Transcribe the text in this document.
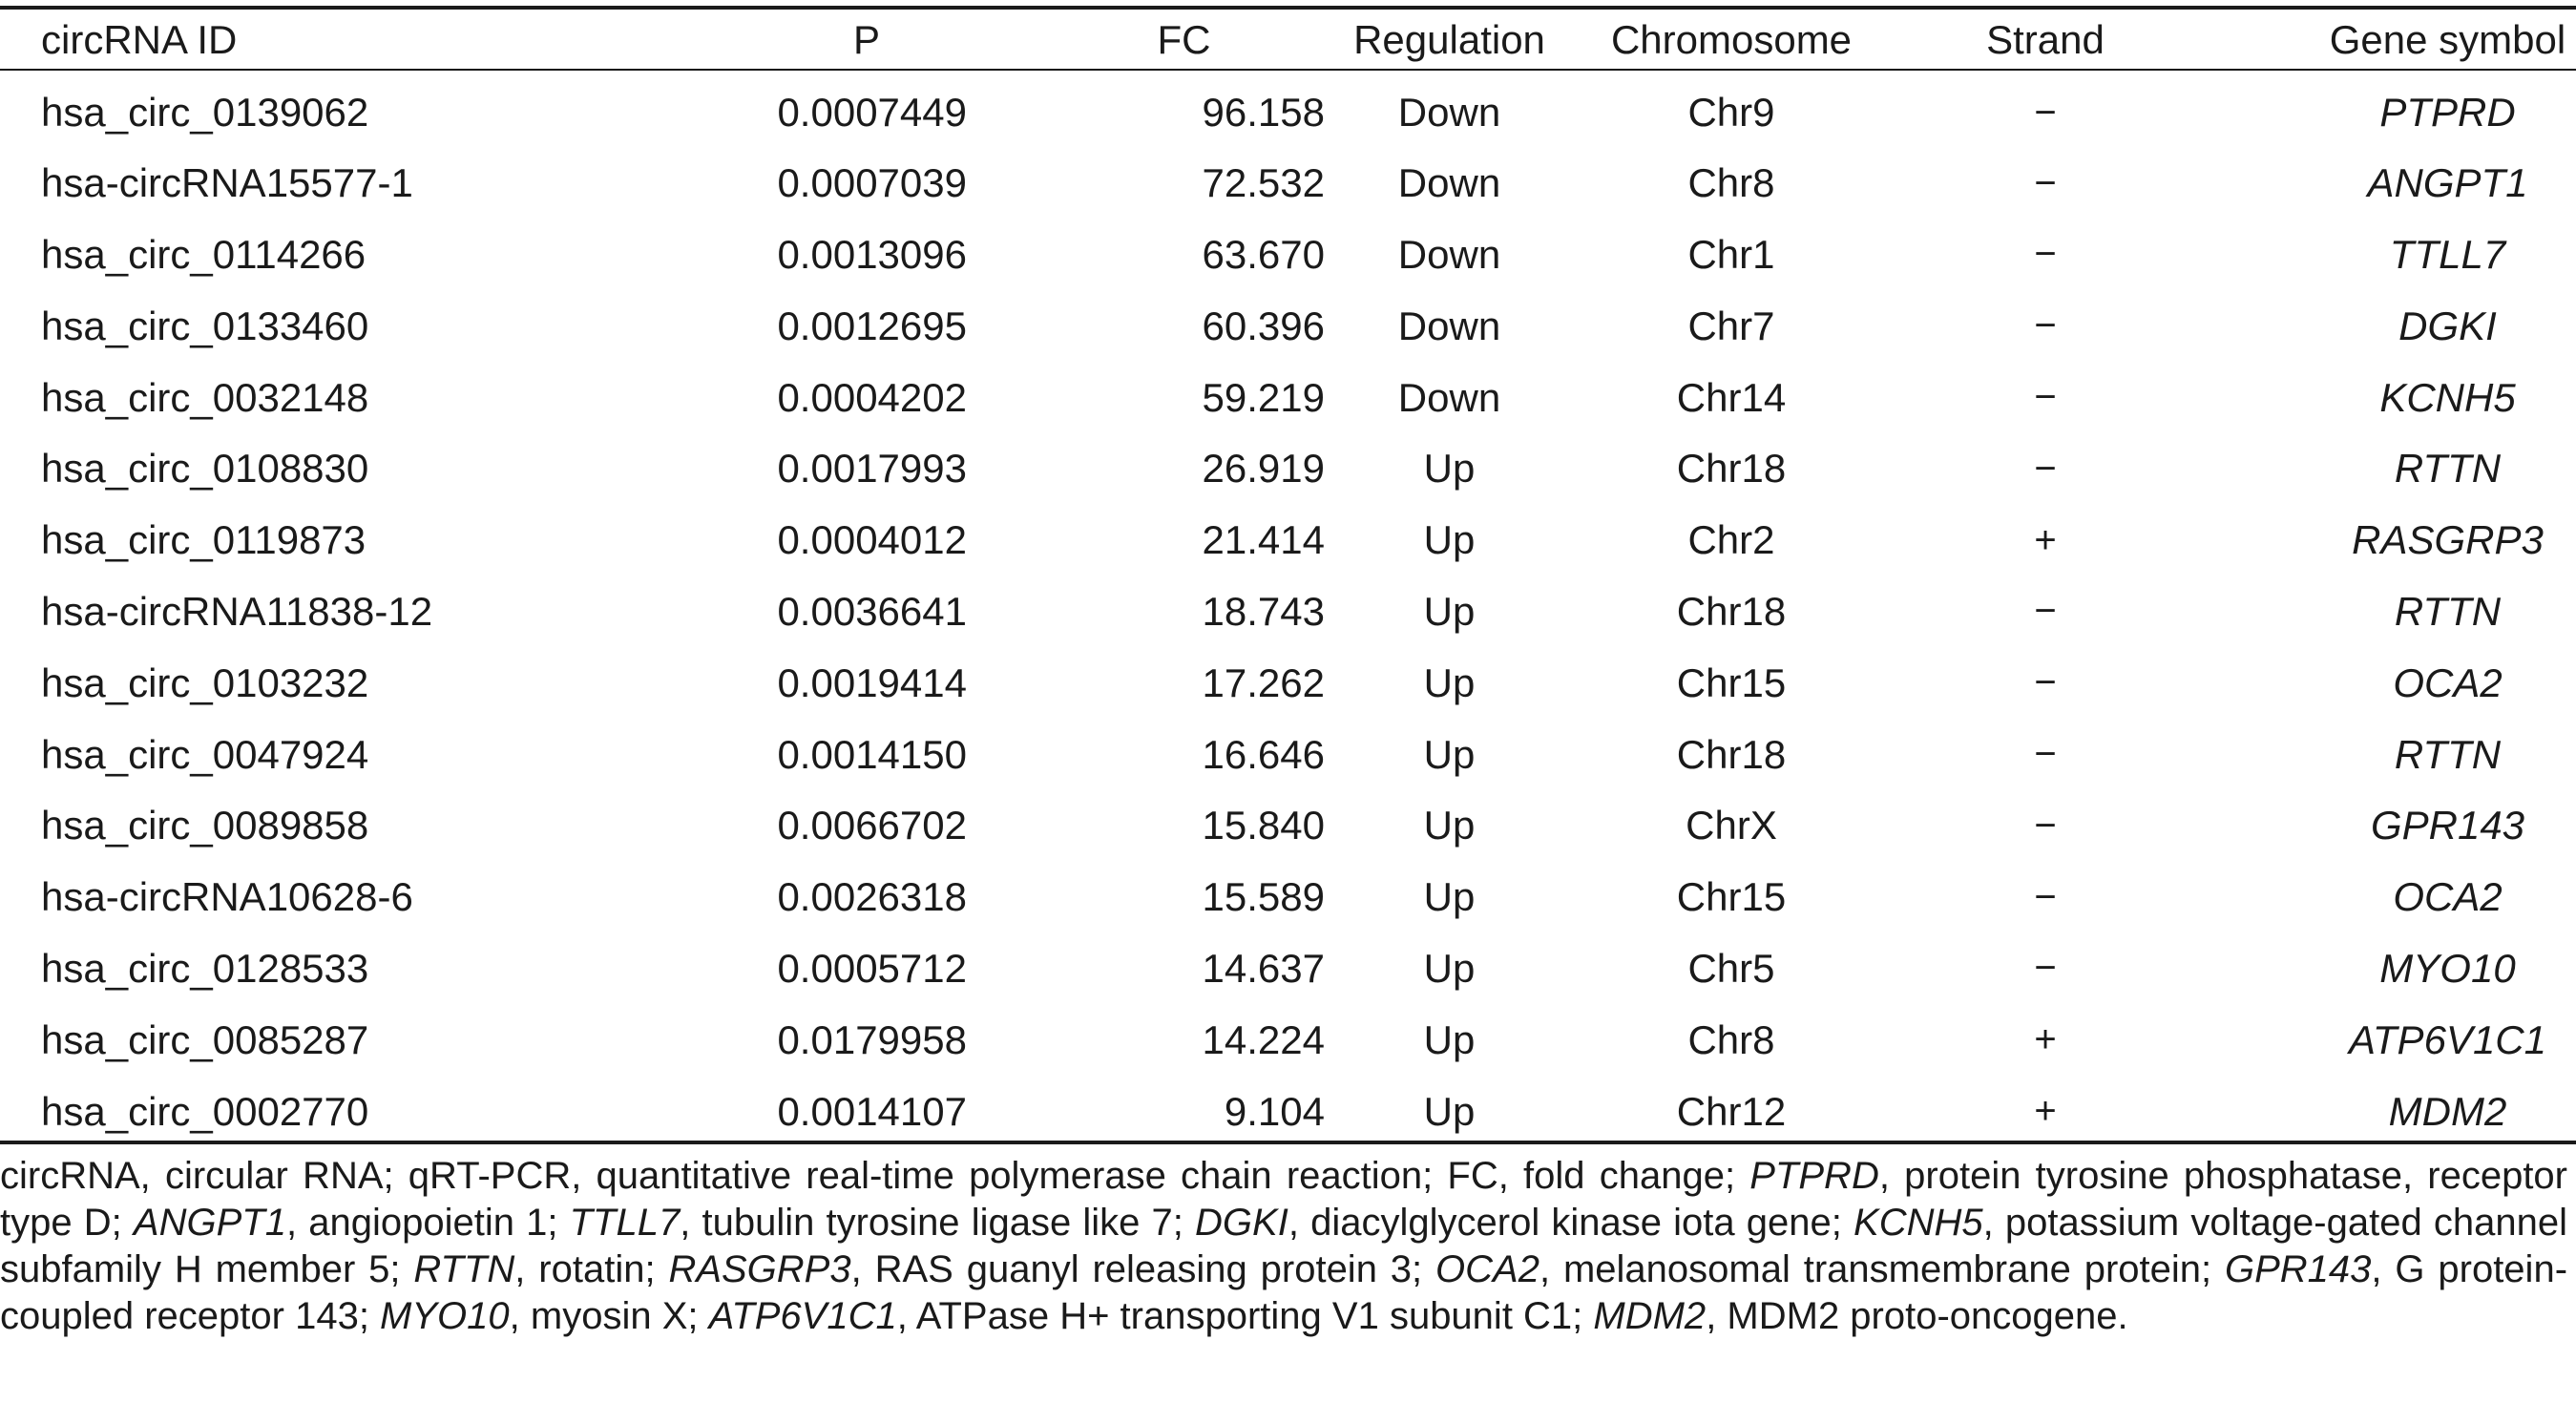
circRNA ID	P	FC	Regulation	Chromosome	Strand	Gene symbol
hsa_circ_0139062	0.0007449	96.158	Down	Chr9	−	PTPRD
hsa-circRNA15577-1	0.0007039	72.532	Down	Chr8	−	ANGPT1
hsa_circ_0114266	0.0013096	63.670	Down	Chr1	−	TTLL7
hsa_circ_0133460	0.0012695	60.396	Down	Chr7	−	DGKI
hsa_circ_0032148	0.0004202	59.219	Down	Chr14	−	KCNH5
hsa_circ_0108830	0.0017993	26.919	Up	Chr18	−	RTTN
hsa_circ_0119873	0.0004012	21.414	Up	Chr2	+	RASGRP3
hsa-circRNA11838-12	0.0036641	18.743	Up	Chr18	−	RTTN
hsa_circ_0103232	0.0019414	17.262	Up	Chr15	−	OCA2
hsa_circ_0047924	0.0014150	16.646	Up	Chr18	−	RTTN
hsa_circ_0089858	0.0066702	15.840	Up	ChrX	−	GPR143
hsa-circRNA10628-6	0.0026318	15.589	Up	Chr15	−	OCA2
hsa_circ_0128533	0.0005712	14.637	Up	Chr5	−	MYO10
hsa_circ_0085287	0.0179958	14.224	Up	Chr8	+	ATP6V1C1
hsa_circ_0002770	0.0014107	9.104	Up	Chr12	+	MDM2
circRNA, circular RNA; qRT-PCR, quantitative real-time polymerase chain reaction; FC, fold change; PTPRD, protein tyrosine phosphatase, receptor type D; ANGPT1, angiopoietin 1; TTLL7, tubulin tyrosine ligase like 7; DGKI, diacylglycerol kinase iota gene; KCNH5, potassium voltage-gated channel subfamily H member 5; RTTN, rotatin; RASGRP3, RAS guanyl releasing protein 3; OCA2, melanosomal transmembrane protein; GPR143, G protein-coupled receptor 143; MYO10, myosin X; ATP6V1C1, ATPase H+ transporting V1 subunit C1; MDM2, MDM2 proto-oncogene.
